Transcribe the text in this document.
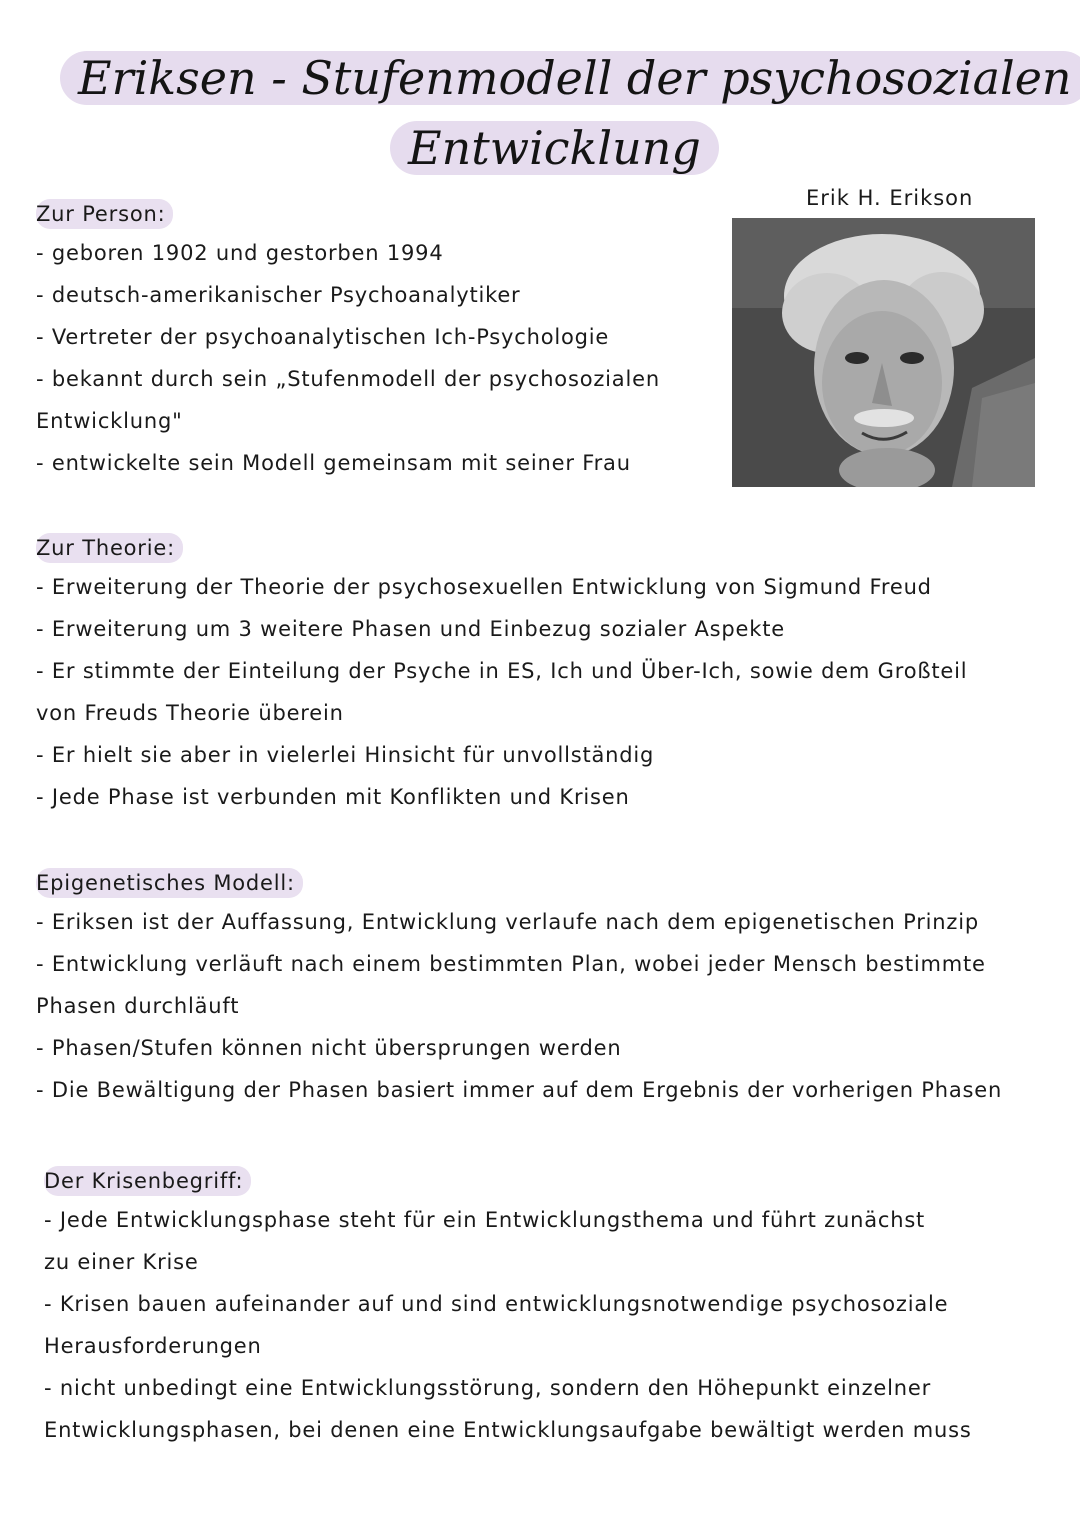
Eriksen - Stufenmodell der psychosozialen
Entwicklung
Erik H. Erikson
Zur Person:
- geboren 1902 und gestorben 1994
- deutsch-amerikanischer Psychoanalytiker
- Vertreter der psychoanalytischen Ich-Psychologie
- bekannt durch sein „Stufenmodell der psychosozialen
Entwicklung"
- entwickelte sein Modell gemeinsam mit seiner Frau
Zur Theorie:
- Erweiterung der Theorie der psychosexuellen Entwicklung von Sigmund Freud
- Erweiterung um 3 weitere Phasen und Einbezug sozialer Aspekte
- Er stimmte der Einteilung der Psyche in ES, Ich und Über-Ich, sowie dem Großteil
von Freuds Theorie überein
- Er hielt sie aber in vielerlei Hinsicht für unvollständig
- Jede Phase ist verbunden mit Konflikten und Krisen
Epigenetisches Modell:
- Eriksen ist der Auffassung, Entwicklung verlaufe nach dem epigenetischen Prinzip
- Entwicklung verläuft nach einem bestimmten Plan, wobei jeder Mensch bestimmte
Phasen durchläuft
- Phasen/Stufen können nicht übersprungen werden
- Die Bewältigung der Phasen basiert immer auf dem Ergebnis der vorherigen Phasen
Der Krisenbegriff:
- Jede Entwicklungsphase steht für ein Entwicklungsthema und führt zunächst
zu einer Krise
- Krisen bauen aufeinander auf und sind entwicklungsnotwendige psychosoziale
Herausforderungen
- nicht unbedingt eine Entwicklungsstörung, sondern den Höhepunkt einzelner
Entwicklungsphasen, bei denen eine Entwicklungsaufgabe bewältigt werden muss
